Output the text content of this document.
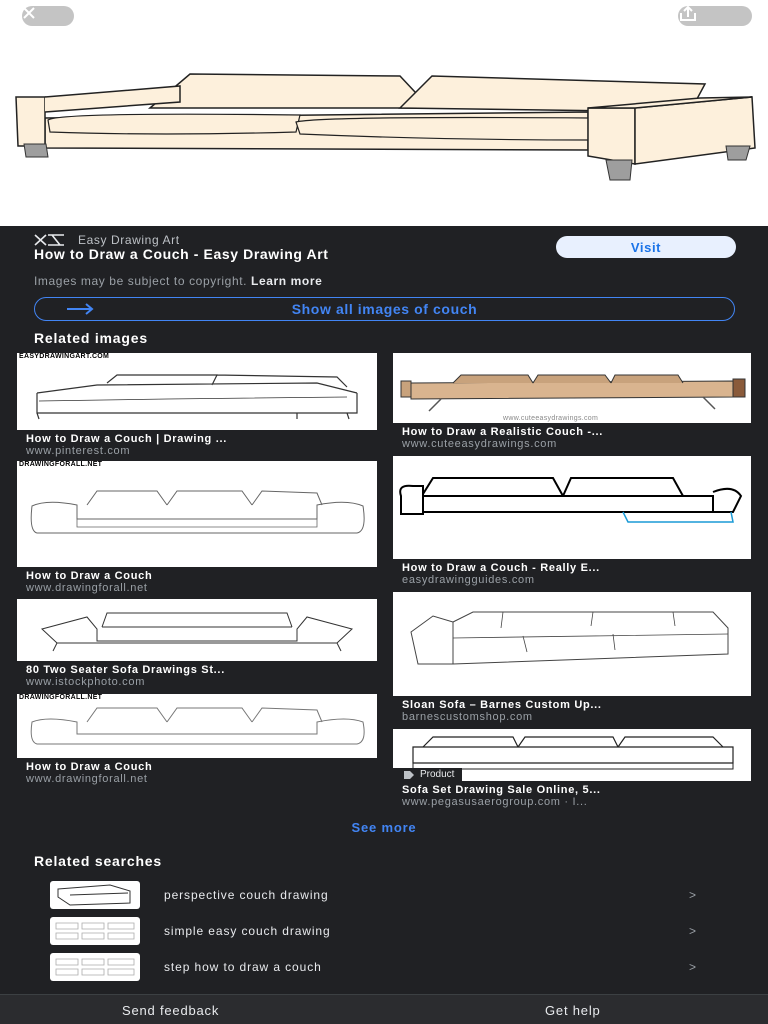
Easy Drawing Art
How to Draw a Couch - Easy Drawing Art
Images may be subject to copyright. Learn more
Visit
Show all images of couch
Related images
EASYDRAWINGART.COM
How to Draw a Couch | Drawing ...
www.pinterest.com
DRAWINGFORALL.NET
How to Draw a Couch
www.drawingforall.net
80 Two Seater Sofa Drawings St...
www.istockphoto.com
DRAWINGFORALL.NET
How to Draw a Couch
www.drawingforall.net
www.cuteeasydrawings.com
How to Draw a Realistic Couch -...
www.cuteeasydrawings.com
How to Draw a Couch - Really E...
easydrawingguides.com
Sloan Sofa – Barnes Custom Up...
barnescustomshop.com
Product
Sofa Set Drawing Sale Online, 5...
www.pegasusaerogroup.com · I...
See more
Related searches
perspective couch drawing	>
simple easy couch drawing	>
step how to draw a couch	>
Send feedback	Get help
